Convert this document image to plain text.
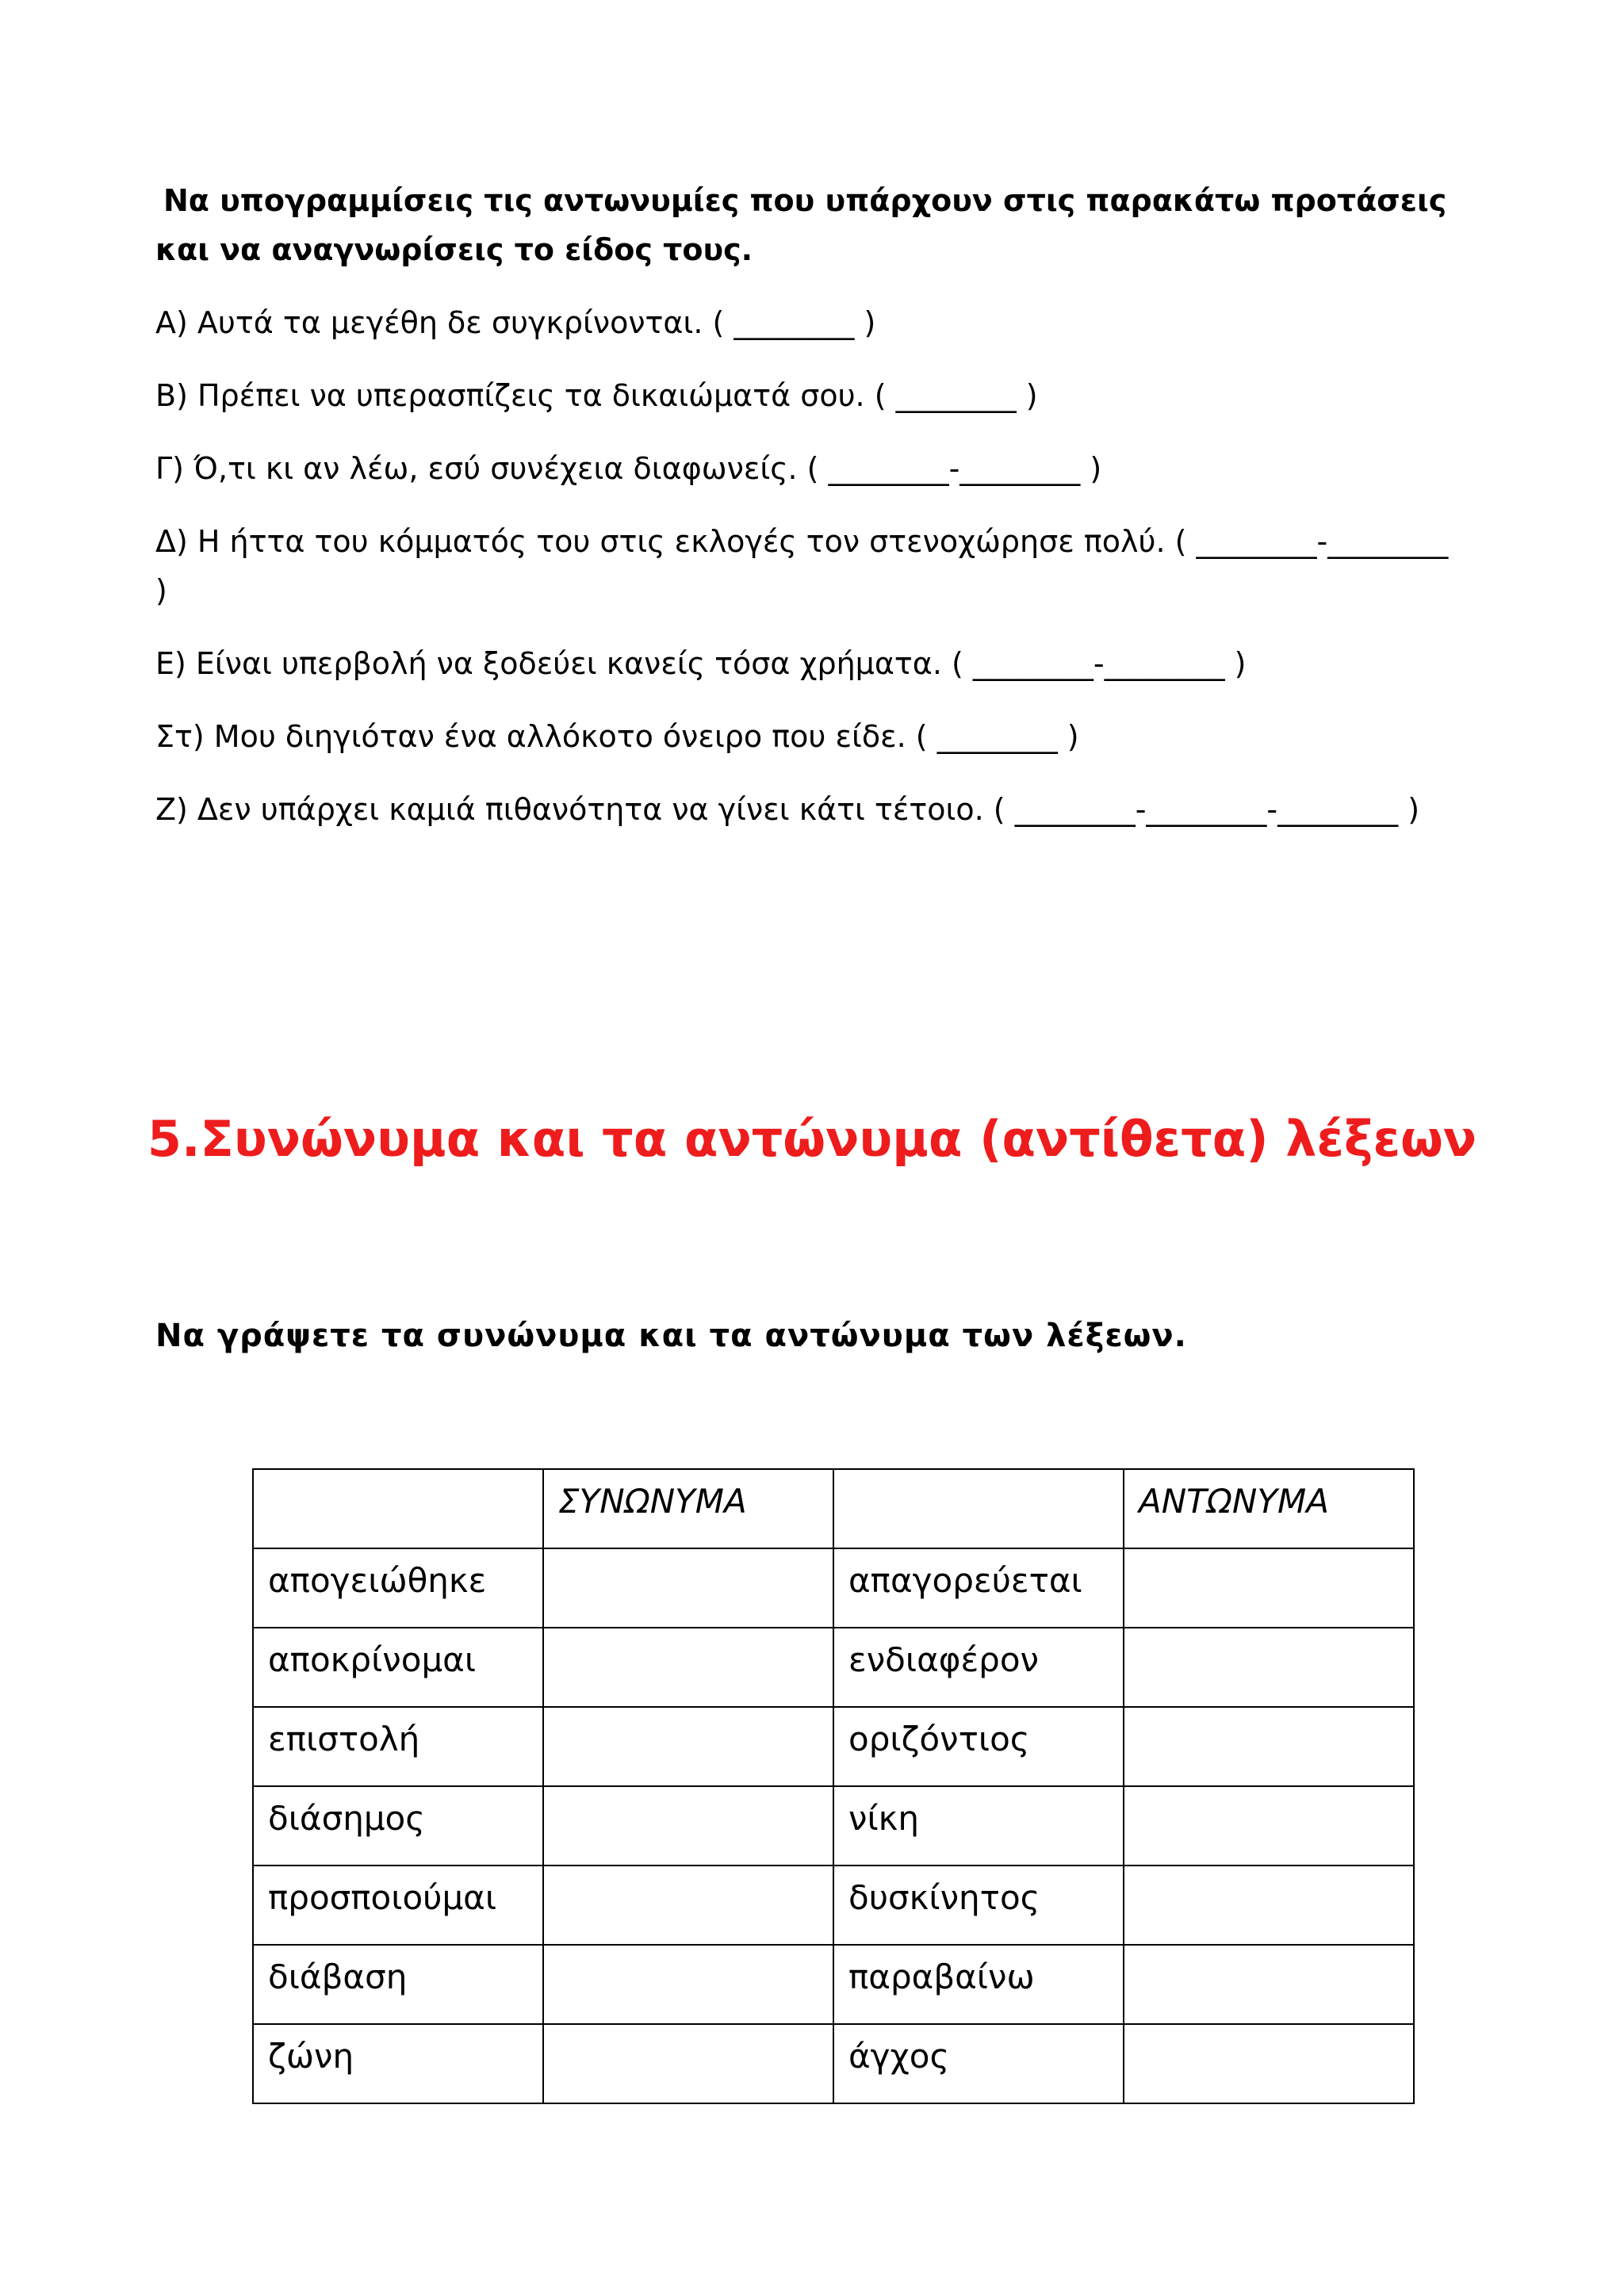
Να υπογραμμίσεις τις αντωνυμίες που υπάρχουν στις παρακάτω προτάσεις και να αναγνωρίσεις το είδος τους.

Α) Αυτά τα μεγέθη δε συγκρίνονται. ( ________ )
Β) Πρέπει να υπερασπίζεις τα δικαιώματά σου. ( ________ )
Γ) Ό,τι κι αν λέω, εσύ συνέχεια διαφωνείς. ( ________-________ )
Δ) Η ήττα του κόμματός του στις εκλογές τον στενοχώρησε πολύ. ( ________-________ )
Ε) Είναι υπερβολή να ξοδεύει κανείς τόσα χρήματα. ( ________-________ )
Στ) Μου διηγιόταν ένα αλλόκοτο όνειρο που είδε. ( ________ )
Ζ) Δεν υπάρχει καμιά πιθανότητα να γίνει κάτι τέτοιο. ( ________-________-________ )
5.Συνώνυμα και τα αντώνυμα (αντίθετα) λέξεων

Να γράψετε τα συνώνυμα και τα αντώνυμα των λέξεων.

	ΣΥΝΩΝΥΜΑ		ΑΝΤΩΝΥΜΑ
απογειώθηκε		απαγορεύεται	
αποκρίνομαι		ενδιαφέρον	
επιστολή		οριζόντιος	
διάσημος		νίκη	
προσποιούμαι		δυσκίνητος	
διάβαση		παραβαίνω	
ζώνη		άγχος	
